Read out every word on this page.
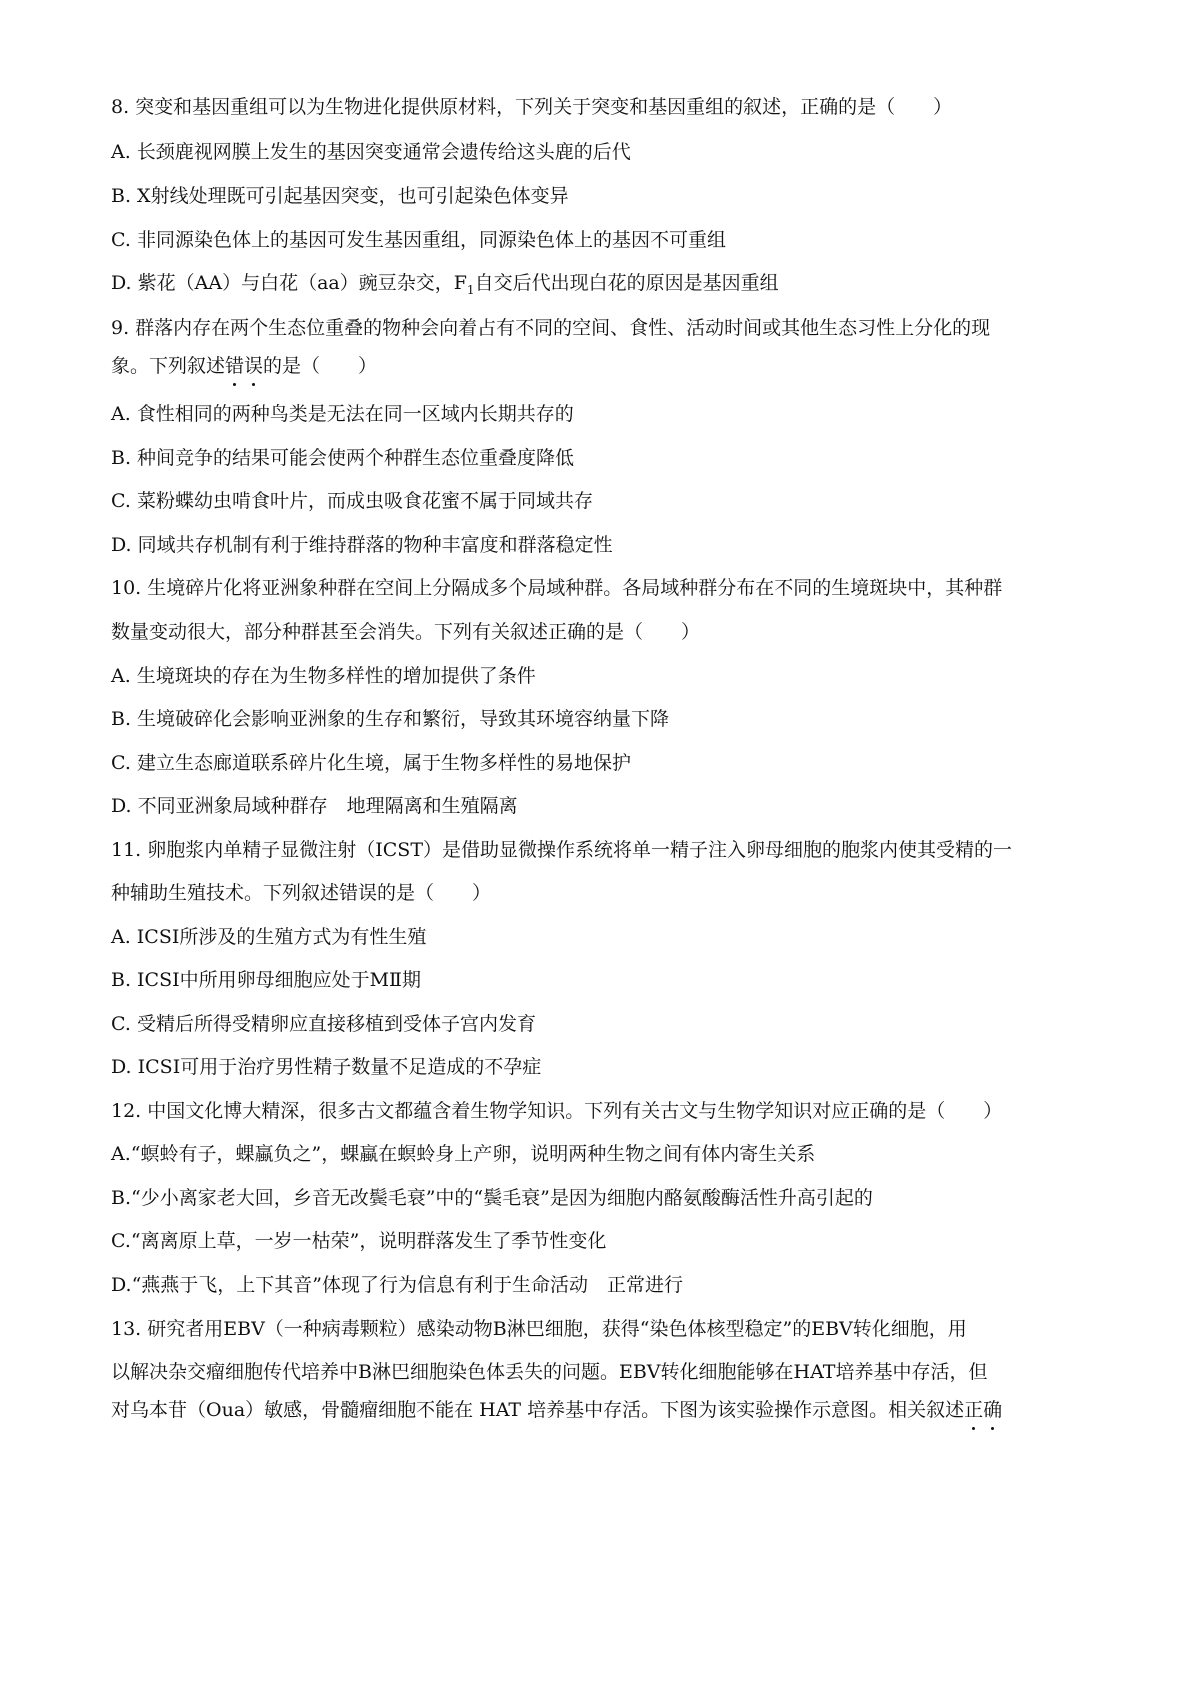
8. 突变和基因重组可以为生物进化提供原材料，下列关于突变和基因重组的叙述，正确的是（　　）
A. 长颈鹿视网膜上发生的基因突变通常会遗传给这头鹿的后代
B. X射线处理既可引起基因突变，也可引起染色体变异
C. 非同源染色体上的基因可发生基因重组，同源染色体上的基因不可重组
D. 紫花（AA）与白花（aa）豌豆杂交，$F_1$自交后代出现白花的原因是基因重组
9. 群落内存在两个生态位重叠的物种会向着占有不同的空间、食性、活动时间或其他生态习性上分化的现
象。下列叙述错误的是（　　）
A. 食性相同的两种鸟类是无法在同一区域内长期共存的
B. 种间竞争的结果可能会使两个种群生态位重叠度降低
C. 菜粉蝶幼虫啃食叶片，而成虫吸食花蜜不属于同域共存
D. 同域共存机制有利于维持群落的物种丰富度和群落稳定性
10. 生境碎片化将亚洲象种群在空间上分隔成多个局域种群。各局域种群分布在不同的生境斑块中，其种群
数量变动很大，部分种群甚至会消失。下列有关叙述正确的是（　　）
A. 生境斑块的存在为生物多样性的增加提供了条件
B. 生境破碎化会影响亚洲象的生存和繁衍，导致其环境容纳量下降
C. 建立生态廊道联系碎片化生境，属于生物多样性的易地保护
D. 不同亚洲象局域种群存　地理隔离和生殖隔离
11. 卵胞浆内单精子显微注射（ICST）是借助显微操作系统将单一精子注入卵母细胞的胞浆内使其受精的一
种辅助生殖技术。下列叙述错误的是（　　）
A. ICSI所涉及的生殖方式为有性生殖
B. ICSI中所用卵母细胞应处于MⅡ期
C. 受精后所得受精卵应直接移植到受体子宫内发育
D. ICSI可用于治疗男性精子数量不足造成的不孕症
12. 中国文化博大精深，很多古文都蕴含着生物学知识。下列有关古文与生物学知识对应正确的是（　　）
A.“螟蛉有子，蜾蠃负之”，蜾蠃在螟蛉身上产卵，说明两种生物之间有体内寄生关系
B.“少小离家老大回，乡音无改鬓毛衰”中的“鬓毛衰”是因为细胞内酪氨酸酶活性升高引起的
C.“离离原上草，一岁一枯荣”，说明群落发生了季节性变化
D.“燕燕于飞，上下其音”体现了行为信息有利于生命活动　正常进行
13. 研究者用EBV（一种病毒颗粒）感染动物B淋巴细胞，获得“染色体核型稳定”的EBV转化细胞，用
以解决杂交瘤细胞传代培养中B淋巴细胞染色体丢失的问题。EBV转化细胞能够在HAT培养基中存活，但
对乌本苷（Oua）敏感，骨髓瘤细胞不能在 HAT 培养基中存活。下图为该实验操作示意图。相关叙述正确
